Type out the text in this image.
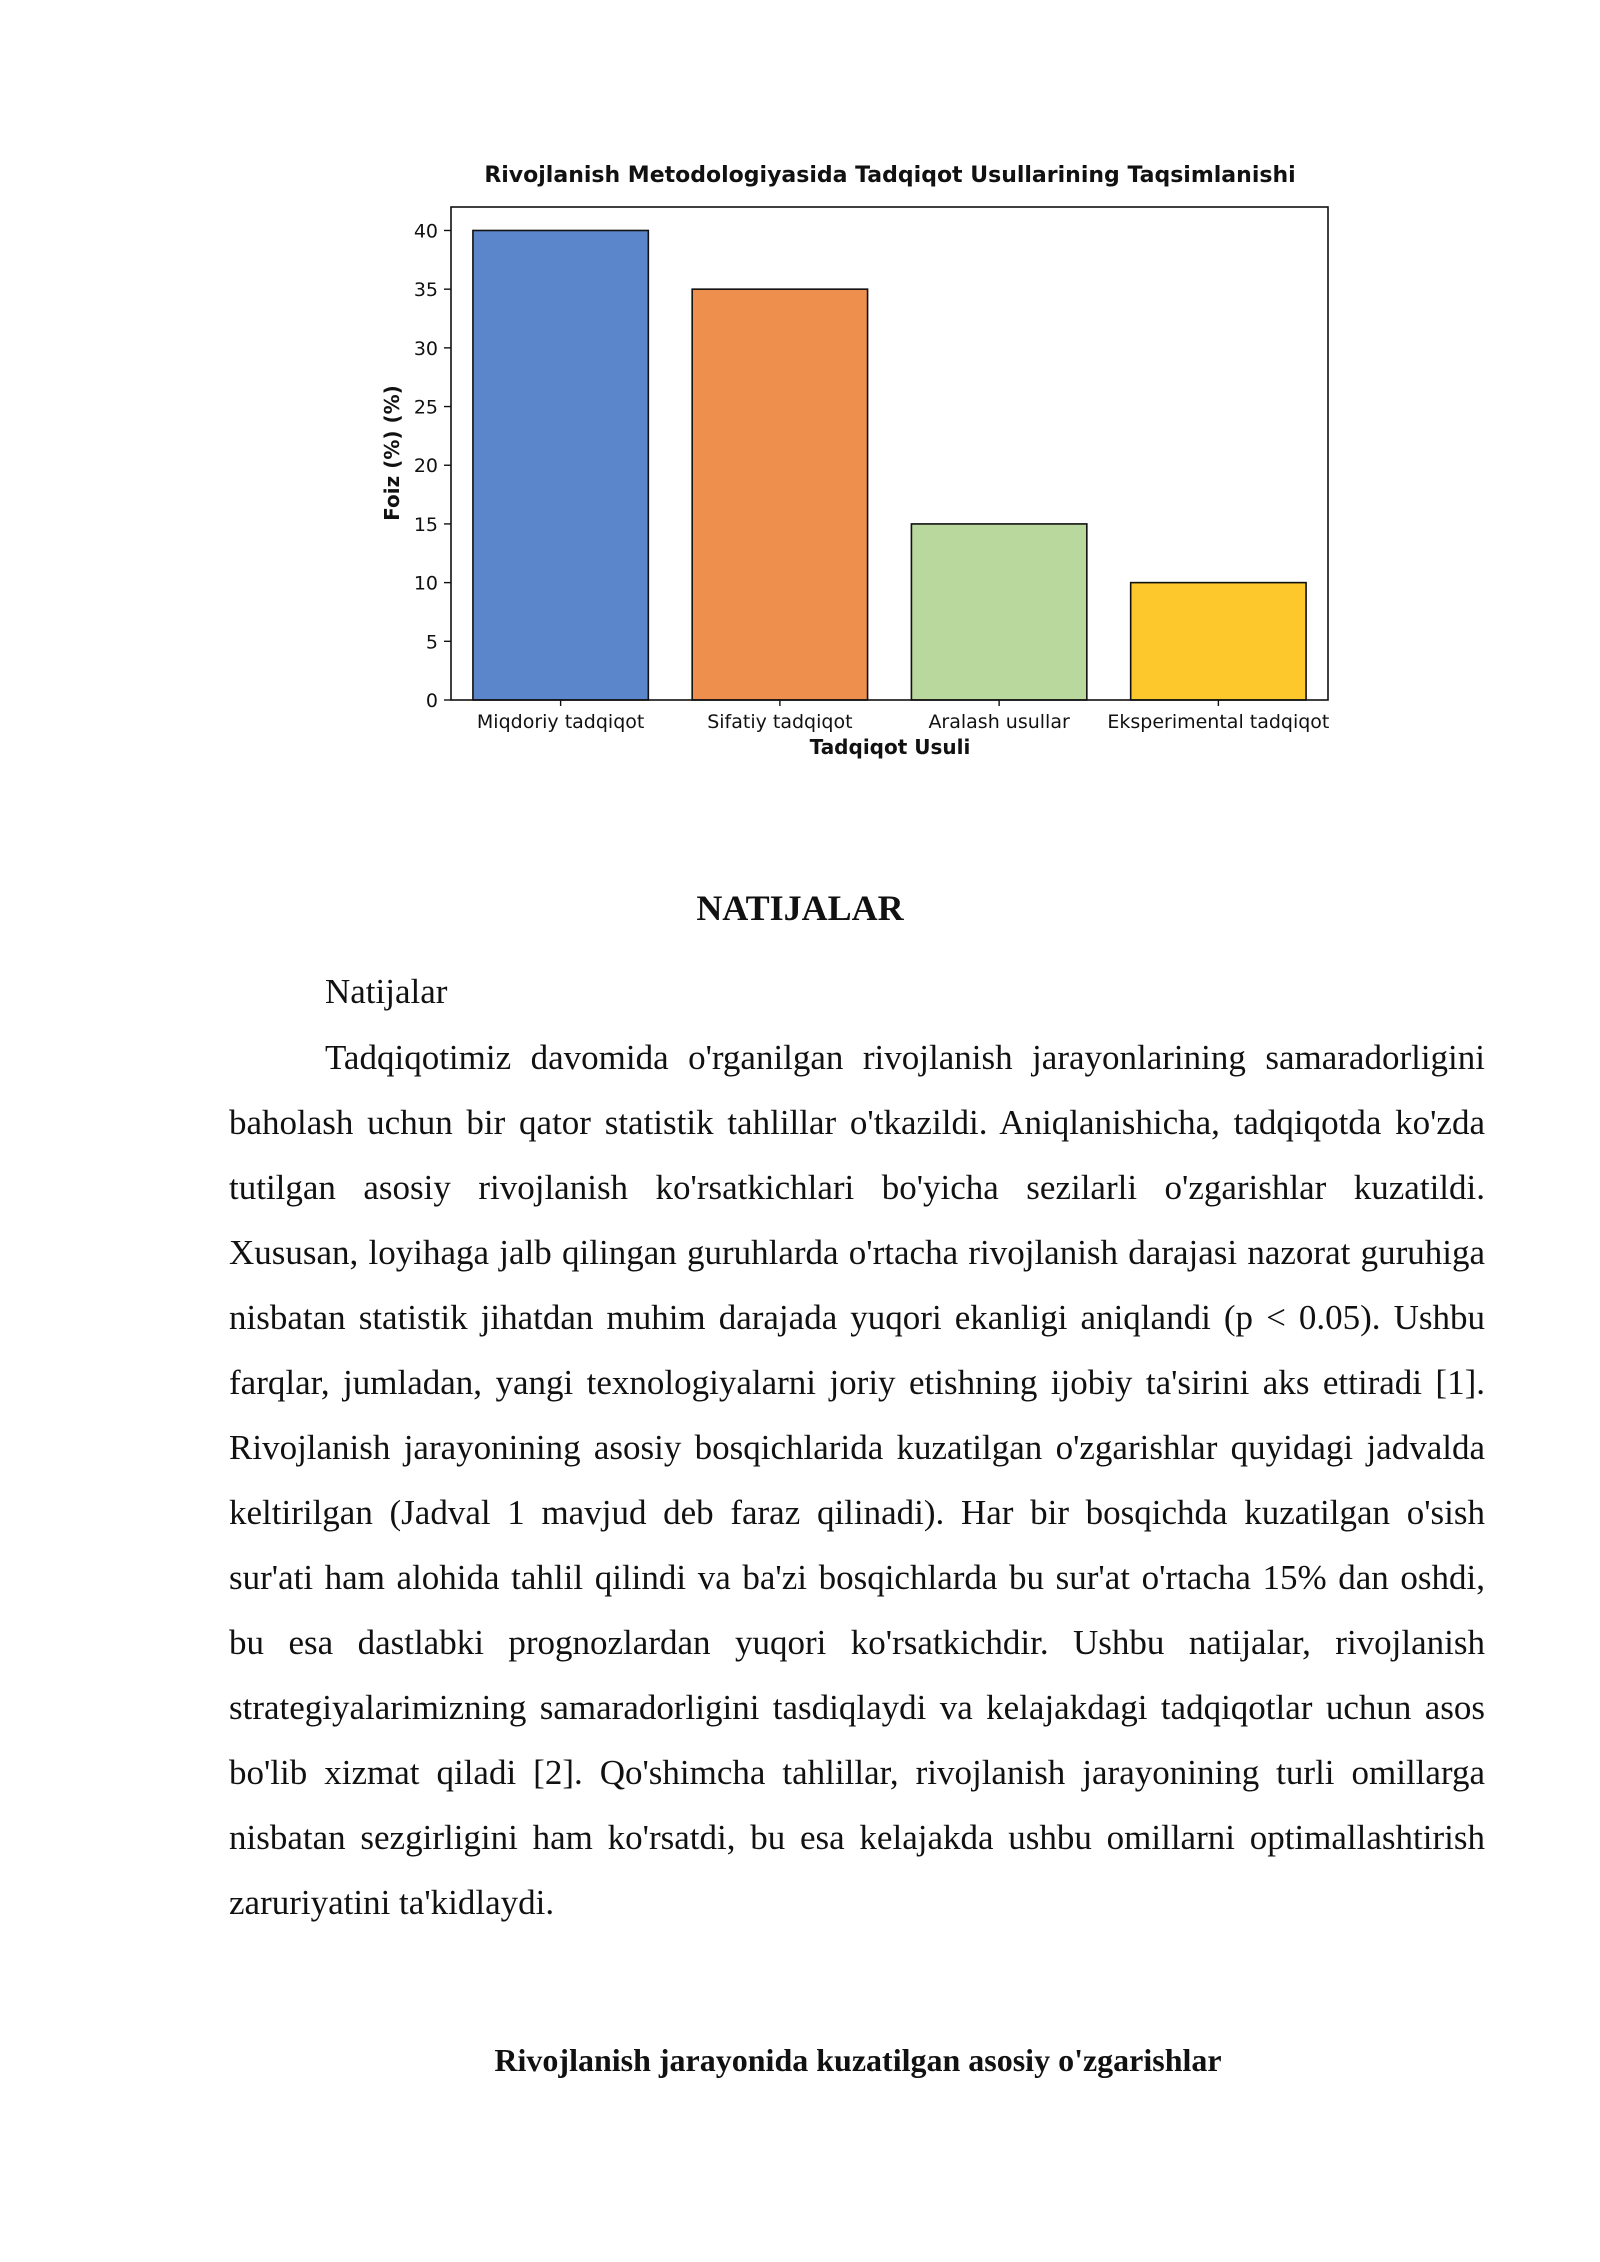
Rivojlanish Metodologiyasida Tadqiqot Usullarining Taqsimlanishi
0
5
10
15
20
25
30
35
40
Miqdoriy tadqiqot	Sifatiy tadqiqot	Aralash usullar Eksperimental tadqiqot
Tadqiqot Usuli
Foiz (%) (%)
NATIJALAR

Natijalar

Tadqiqotimiz davomida o'rganilgan rivojlanish jarayonlarining samaradorligini baholash uchun bir qator statistik tahlillar o'tkazildi. Aniqlanishicha, tadqiqotda ko'zda tutilgan asosiy rivojlanish ko'rsatkichlari bo'yicha sezilarli o'zgarishlar kuzatildi. Xususan, loyihaga jalb qilingan guruhlarda o'rtacha rivojlanish darajasi nazorat guruhiga nisbatan statistik jihatdan muhim darajada yuqori ekanligi aniqlandi (p < 0.05). Ushbu farqlar, jumladan, yangi texnologiyalarni joriy etishning ijobiy ta'sirini aks ettiradi [1]. Rivojlanish jarayonining asosiy bosqichlarida kuzatilgan o'zgarishlar quyidagi jadvalda keltirilgan (Jadval 1 mavjud deb faraz qilinadi). Har bir bosqichda kuzatilgan o'sish sur'ati ham alohida tahlil qilindi va ba'zi bosqichlarda bu sur'at o'rtacha 15% dan oshdi, bu esa dastlabki prognozlardan yuqori ko'rsatkichdir. Ushbu natijalar, rivojlanish strategiyalarimizning samaradorligini tasdiqlaydi va kelajakdagi tadqiqotlar uchun asos bo'lib xizmat qiladi [2]. Qo'shimcha tahlillar, rivojlanish jarayonining turli omillarga nisbatan sezgirligini ham ko'rsatdi, bu esa kelajakda ushbu omillarni optimallashtirish zaruriyatini ta'kidlaydi.

Rivojlanish jarayonida kuzatilgan asosiy o'zgarishlar
